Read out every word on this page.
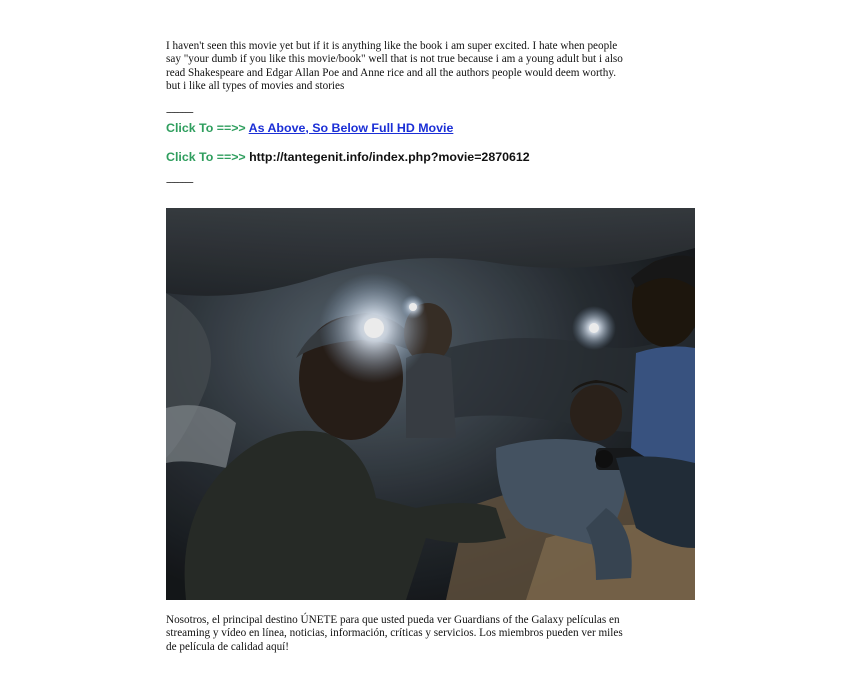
I haven't seen this movie yet but if it is anything like the book i am super excited. I hate when people say "your dumb if you like this movie/book" well that is not true because i am a young adult but i also read Shakespeare and Edgar Allan Poe and Anne rice and all the authors people would deem worthy. but i like all types of movies and stories

----------

Click To ==>> As Above, So Below Full HD Movie

Click To ==>> http://tantegenit.info/index.php?movie=2870612

----------

Nosotros, el principal destino ÚNETE para que usted pueda ver Guardians of the Galaxy películas en streaming y vídeo en línea, noticias, información, críticas y servicios. Los miembros pueden ver miles de película de calidad aquí!
